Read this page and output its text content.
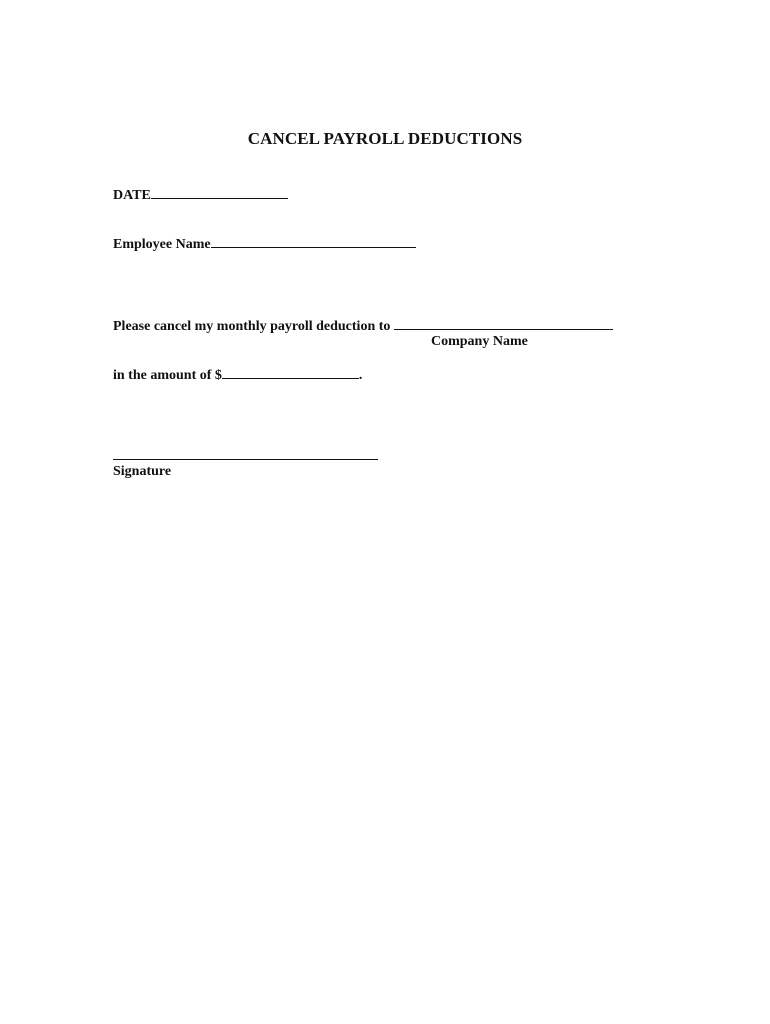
CANCEL PAYROLL DEDUCTIONS
DATE
Employee Name
Please cancel my monthly payroll deduction to
Company Name
in the amount of $	.
Signature
